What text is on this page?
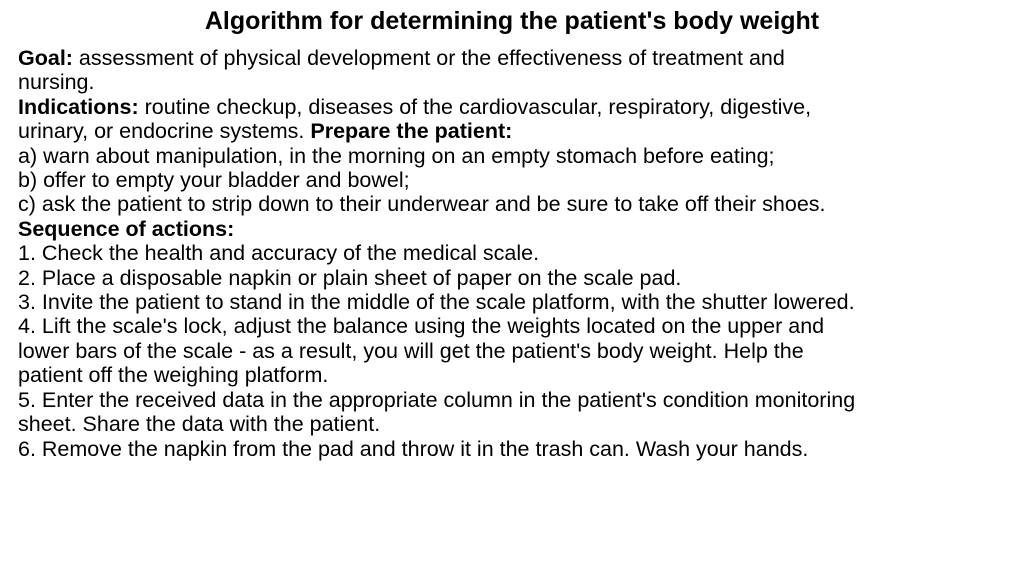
Algorithm for determining the patient's body weight
Goal: assessment of physical development or the effectiveness of treatment and
nursing.
Indications: routine checkup, diseases of the cardiovascular, respiratory, digestive,
urinary, or endocrine systems. Prepare the patient:
a) warn about manipulation, in the morning on an empty stomach before eating;
b) offer to empty your bladder and bowel;
c) ask the patient to strip down to their underwear and be sure to take off their shoes.
Sequence of actions:
1. Check the health and accuracy of the medical scale.
2. Place a disposable napkin or plain sheet of paper on the scale pad.
3. Invite the patient to stand in the middle of the scale platform, with the shutter lowered.
4. Lift the scale's lock, adjust the balance using the weights located on the upper and
lower bars of the scale - as a result, you will get the patient's body weight. Help the
patient off the weighing platform.
5. Enter the received data in the appropriate column in the patient's condition monitoring
sheet. Share the data with the patient.
6. Remove the napkin from the pad and throw it in the trash can. Wash your hands.
